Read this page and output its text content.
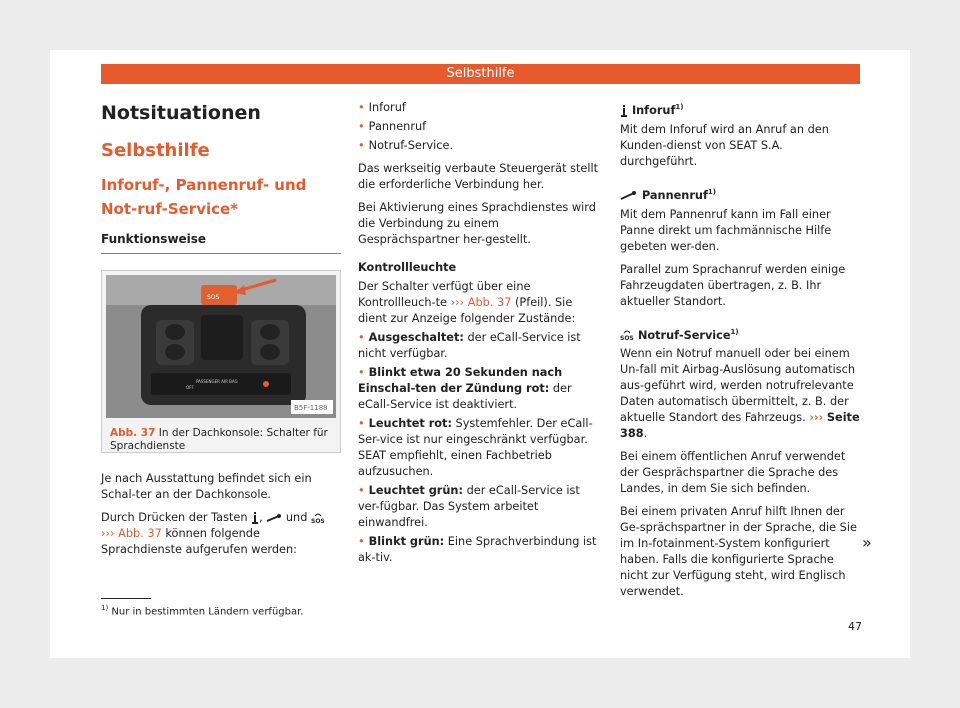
Selbsthilfe
Notsituationen
Selbsthilfe
Inforuf-, Pannenruf- und Not-ruf-Service*
Funktionsweise
SOS
PASSENGER AIR BAG
OFF
B5F-1188
Abb. 37 In der Dachkonsole: Schalter für Sprachdienste

Je nach Ausstattung befindet sich ein Schal-ter an der Dachkonsole.

Durch Drücken der Tasten ,  und SOS

››› Abb. 37 können folgende Sprachdienste aufgerufen werden:

• Inforuf
• Pannenruf
• Notruf-Service.

Das werkseitig verbaute Steuergerät stellt die erforderliche Verbindung her.

Bei Aktivierung eines Sprachdienstes wird die Verbindung zu einem Gesprächspartner her-gestellt.

Kontrollleuchte

Der Schalter verfügt über eine Kontrollleuch-te ››› Abb. 37 (Pfeil). Sie dient zur Anzeige folgender Zustände:

• Ausgeschaltet: der eCall-Service ist nicht verfügbar.

• Blinkt etwa 20 Sekunden nach Einschal-ten der Zündung rot: der eCall-Service ist deaktiviert.

• Leuchtet rot: Systemfehler. Der eCall-Ser-vice ist nur eingeschränkt verfügbar. SEAT empfiehlt, einen Fachbetrieb aufzusuchen.

• Leuchtet grün: der eCall-Service ist ver-fügbar. Das System arbeitet einwandfrei.

• Blinkt grün: Eine Sprachverbindung ist ak-tiv.

Inforuf$^{1)}$

Mit dem Inforuf wird an Anruf an den Kunden-dienst von SEAT S.A. durchgeführt.

Pannenruf$^{1)}$

Mit dem Pannenruf kann im Fall einer Panne direkt um fachmännische Hilfe gebeten wer-den.

Parallel zum Sprachanruf werden einige Fahrzeugdaten übertragen, z. B. Ihr aktueller Standort.

SOS Notruf-Service$^{1)}$

Wenn ein Notruf manuell oder bei einem Un-fall mit Airbag-Auslösung automatisch aus-geführt wird, werden notrufrelevante Daten automatisch übermittelt, z. B. der aktuelle Standort des Fahrzeugs. ››› Seite 388.

Bei einem öffentlichen Anruf verwendet der Gesprächspartner die Sprache des Landes, in dem Sie sich befinden.

Bei einem privaten Anruf hilft Ihnen der Ge-sprächspartner in der Sprache, die Sie im In-fotainment-System konfiguriert haben. Falls die konfigurierte Sprache nicht zur Verfügung steht, wird Englisch verwendet.

»
$^{1)}$ Nur in bestimmten Ländern verfügbar.
47
